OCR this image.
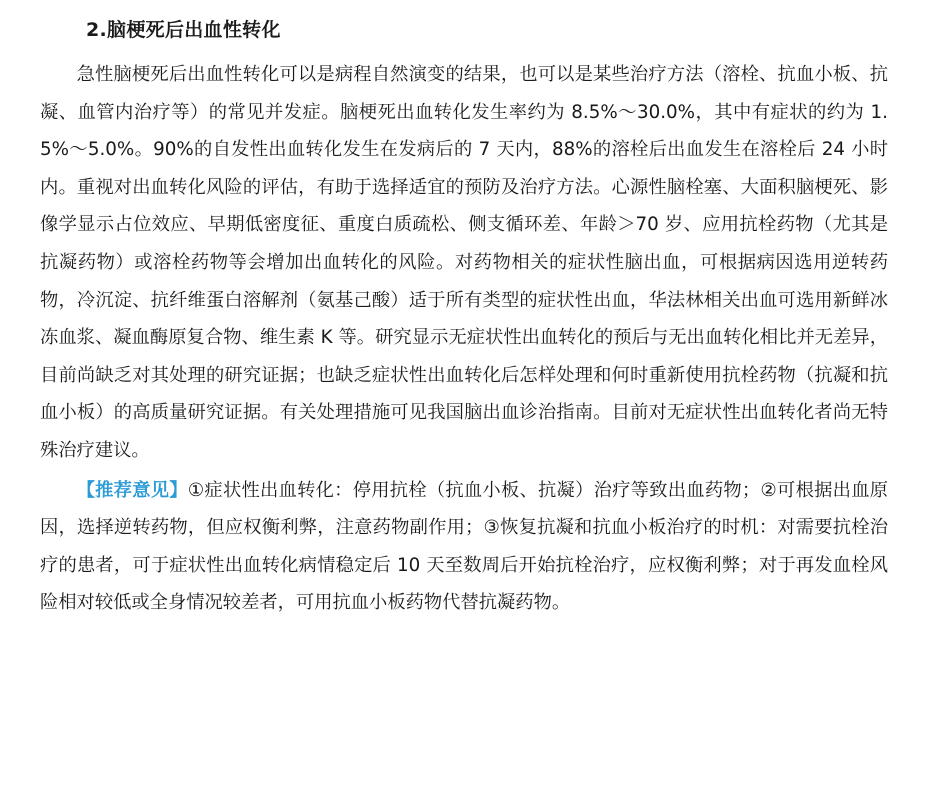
2.脑梗死后出血性转化

急性脑梗死后出血性转化可以是病程自然演变的结果，也可以是某些治疗方法（溶栓、抗血小板、抗凝、血管内治疗等）的常见并发症。脑梗死出血转化发生率约为 8.5%～30.0%，其中有症状的约为 1.5%～5.0%。90%的自发性出血转化发生在发病后的 7 天内，88%的溶栓后出血发生在溶栓后 24 小时内。重视对出血转化风险的评估，有助于选择适宜的预防及治疗方法。心源性脑栓塞、大面积脑梗死、影像学显示占位效应、早期低密度征、重度白质疏松、侧支循环差、年龄＞70 岁、应用抗栓药物（尤其是抗凝药物）或溶栓药物等会增加出血转化的风险。对药物相关的症状性脑出血，可根据病因选用逆转药物，冷沉淀、抗纤维蛋白溶解剂（氨基己酸）适于所有类型的症状性出血，华法林相关出血可选用新鲜冰冻血浆、凝血酶原复合物、维生素 K 等。研究显示无症状性出血转化的预后与无出血转化相比并无差异，目前尚缺乏对其处理的研究证据；也缺乏症状性出血转化后怎样处理和何时重新使用抗栓药物（抗凝和抗血小板）的高质量研究证据。有关处理措施可见我国脑出血诊治指南。目前对无症状性出血转化者尚无特殊治疗建议。

【推荐意见】①症状性出血转化：停用抗栓（抗血小板、抗凝）治疗等致出血药物；②可根据出血原因，选择逆转药物，但应权衡利弊，注意药物副作用；③恢复抗凝和抗血小板治疗的时机：对需要抗栓治疗的患者，可于症状性出血转化病情稳定后 10 天至数周后开始抗栓治疗，应权衡利弊；对于再发血栓风险相对较低或全身情况较差者，可用抗血小板药物代替抗凝药物。
